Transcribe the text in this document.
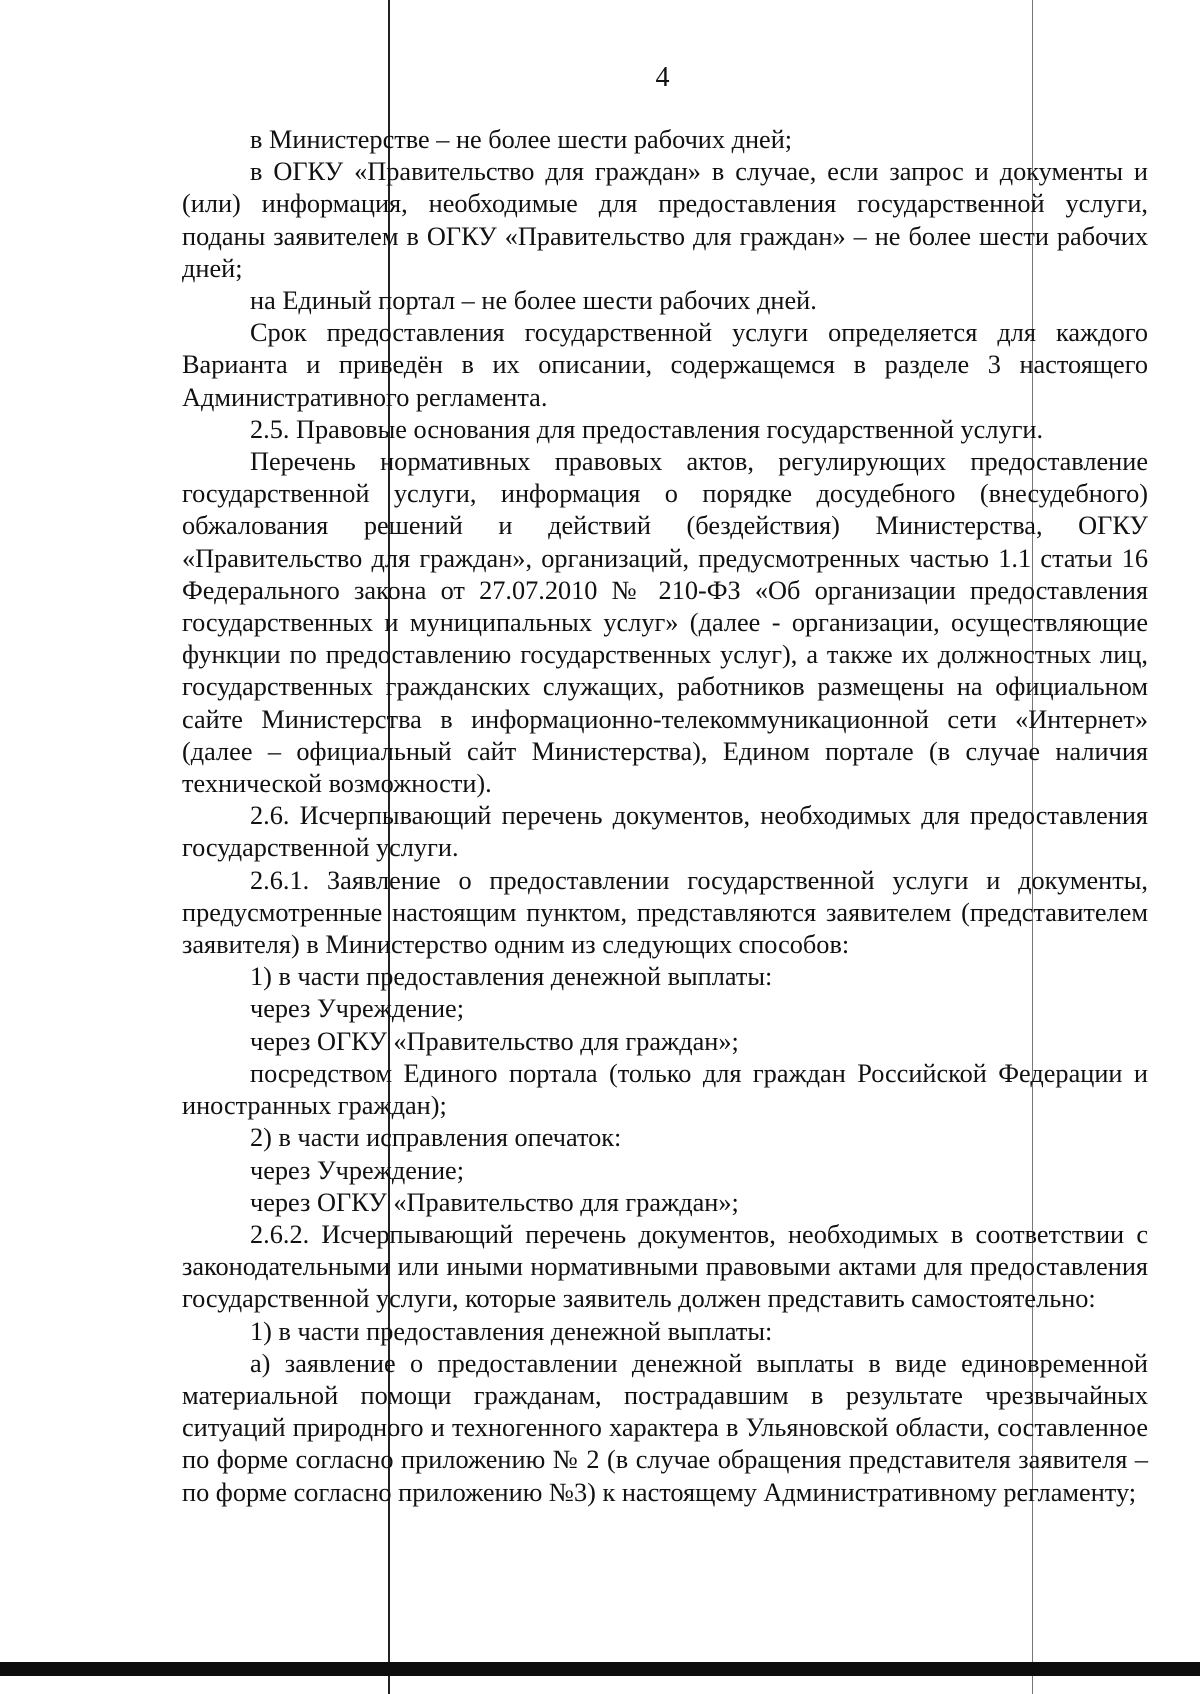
4

в Министерстве – не более шести рабочих дней;

в ОГКУ «Правительство для граждан» в случае, если запрос и документы и (или) информация, необходимые для предоставления государственной услуги, поданы заявителем в ОГКУ «Правительство для граждан» – не более шести рабочих дней;

на Единый портал – не более шести рабочих дней.

Срок предоставления государственной услуги определяется для каждого Варианта и приведён в их описании, содержащемся в разделе 3 настоящего Административного регламента.

2.5. Правовые основания для предоставления государственной услуги.

Перечень нормативных правовых актов, регулирующих предоставление государственной услуги, информация о порядке досудебного (внесудебного) обжалования решений и действий (бездействия) Министерства, ОГКУ «Правительство для граждан», организаций, предусмотренных частью 1.1 статьи 16 Федерального закона от 27.07.2010 № 210-ФЗ «Об организации предоставления государственных и муниципальных услуг» (далее - организации, осуществляющие функции по предоставлению государственных услуг), а также их должностных лиц, государственных гражданских служащих, работников размещены на официальном сайте Министерства в информационно-телекоммуникационной сети «Интернет» (далее – официальный сайт Министерства), Едином портале (в случае наличия технической возможности).

2.6. Исчерпывающий перечень документов, необходимых для предоставления государственной услуги.

2.6.1. Заявление о предоставлении государственной услуги и документы, предусмотренные настоящим пунктом, представляются заявителем (представителем заявителя) в Министерство одним из следующих способов:

1) в части предоставления денежной выплаты:

через Учреждение;

через ОГКУ «Правительство для граждан»;

посредством Единого портала (только для граждан Российской Федерации и иностранных граждан);

2) в части исправления опечаток:

через Учреждение;

через ОГКУ «Правительство для граждан»;

2.6.2. Исчерпывающий перечень документов, необходимых в соответствии с законодательными или иными нормативными правовыми актами для предоставления государственной услуги, которые заявитель должен представить самостоятельно:

1) в части предоставления денежной выплаты:

а) заявление о предоставлении денежной выплаты в виде единовременной материальной помощи гражданам, пострадавшим в результате чрезвычайных ситуаций природного и техногенного характера в Ульяновской области, составленное по форме согласно приложению № 2 (в случае обращения представителя заявителя – по форме согласно приложению №3) к настоящему Административному регламенту;
